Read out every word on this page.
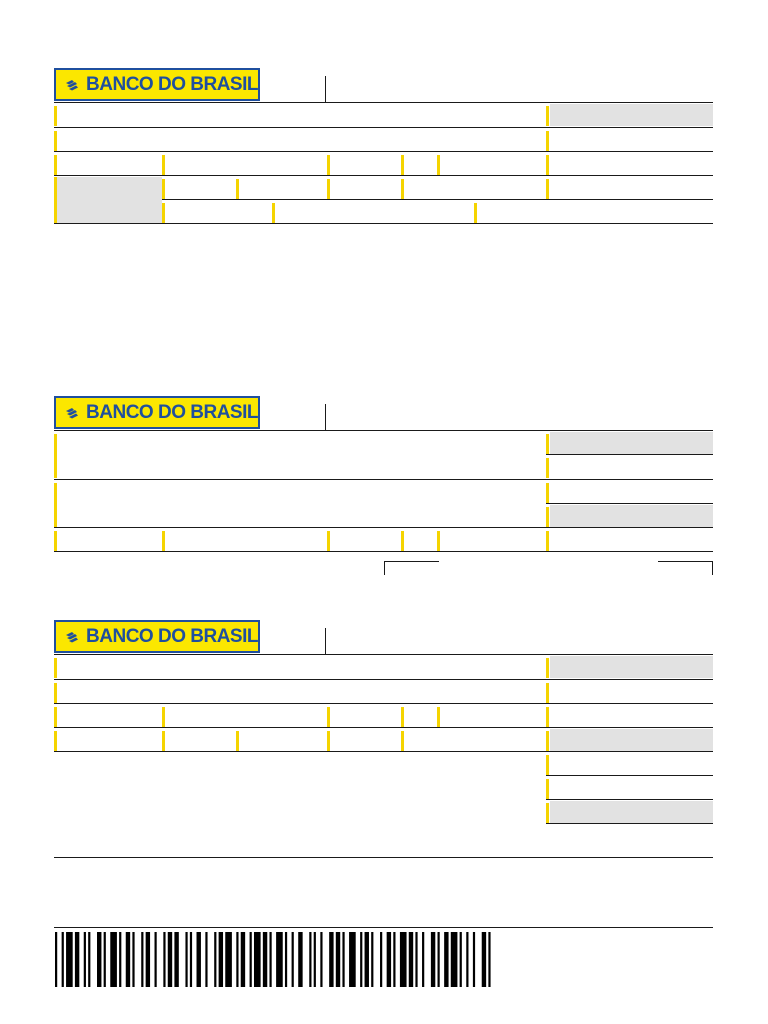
BANCO DO BRASIL
BANCO DO BRASIL
BANCO DO BRASIL
